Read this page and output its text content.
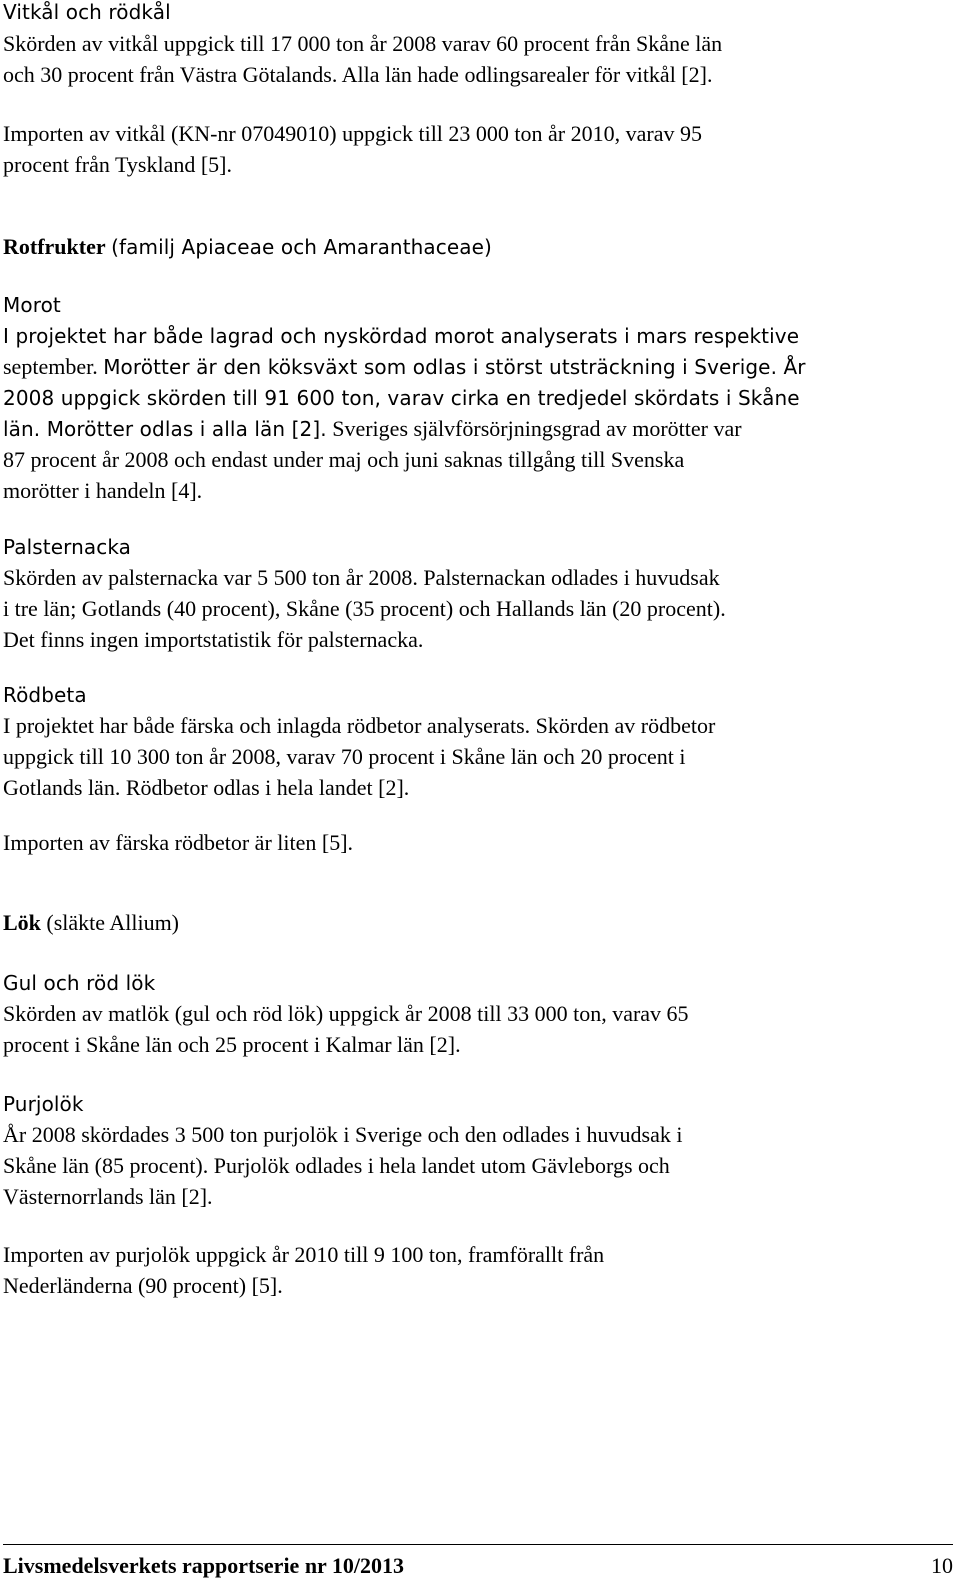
Vitkål och rödkål
Skörden av vitkål uppgick till 17 000 ton år 2008 varav 60 procent från Skåne län
och 30 procent från Västra Götalands. Alla län hade odlingsarealer för vitkål [2].
Importen av vitkål (KN-nr 07049010) uppgick till 23 000 ton år 2010, varav 95
procent från Tyskland [5].
Rotfrukter (familj Apiaceae och Amaranthaceae)
Morot
I projektet har både lagrad och nyskördad morot analyserats i mars respektive
september. Morötter är den köksväxt som odlas i störst utsträckning i Sverige. År
2008 uppgick skörden till 91 600 ton, varav cirka en tredjedel skördats i Skåne
län. Morötter odlas i alla län [2]. Sveriges självförsörjningsgrad av morötter var
87 procent år 2008 och endast under maj och juni saknas tillgång till Svenska
morötter i handeln [4].
Palsternacka
Skörden av palsternacka var 5 500 ton år 2008. Palsternackan odlades i huvudsak
i tre län; Gotlands (40 procent), Skåne (35 procent) och Hallands län (20 procent).
Det finns ingen importstatistik för palsternacka.
Rödbeta
I projektet har både färska och inlagda rödbetor analyserats. Skörden av rödbetor
uppgick till 10 300 ton år 2008, varav 70 procent i Skåne län och 20 procent i
Gotlands län. Rödbetor odlas i hela landet [2].
Importen av färska rödbetor är liten [5].
Lök (släkte Allium)
Gul och röd lök
Skörden av matlök (gul och röd lök) uppgick år 2008 till 33 000 ton, varav 65
procent i Skåne län och 25 procent i Kalmar län [2].
Purjolök
År 2008 skördades 3 500 ton purjolök i Sverige och den odlades i huvudsak i
Skåne län (85 procent). Purjolök odlades i hela landet utom Gävleborgs och
Västernorrlands län [2].
Importen av purjolök uppgick år 2010 till 9 100 ton, framförallt från
Nederländerna (90 procent) [5].
Livsmedelsverkets rapportserie nr 10/2013	10
